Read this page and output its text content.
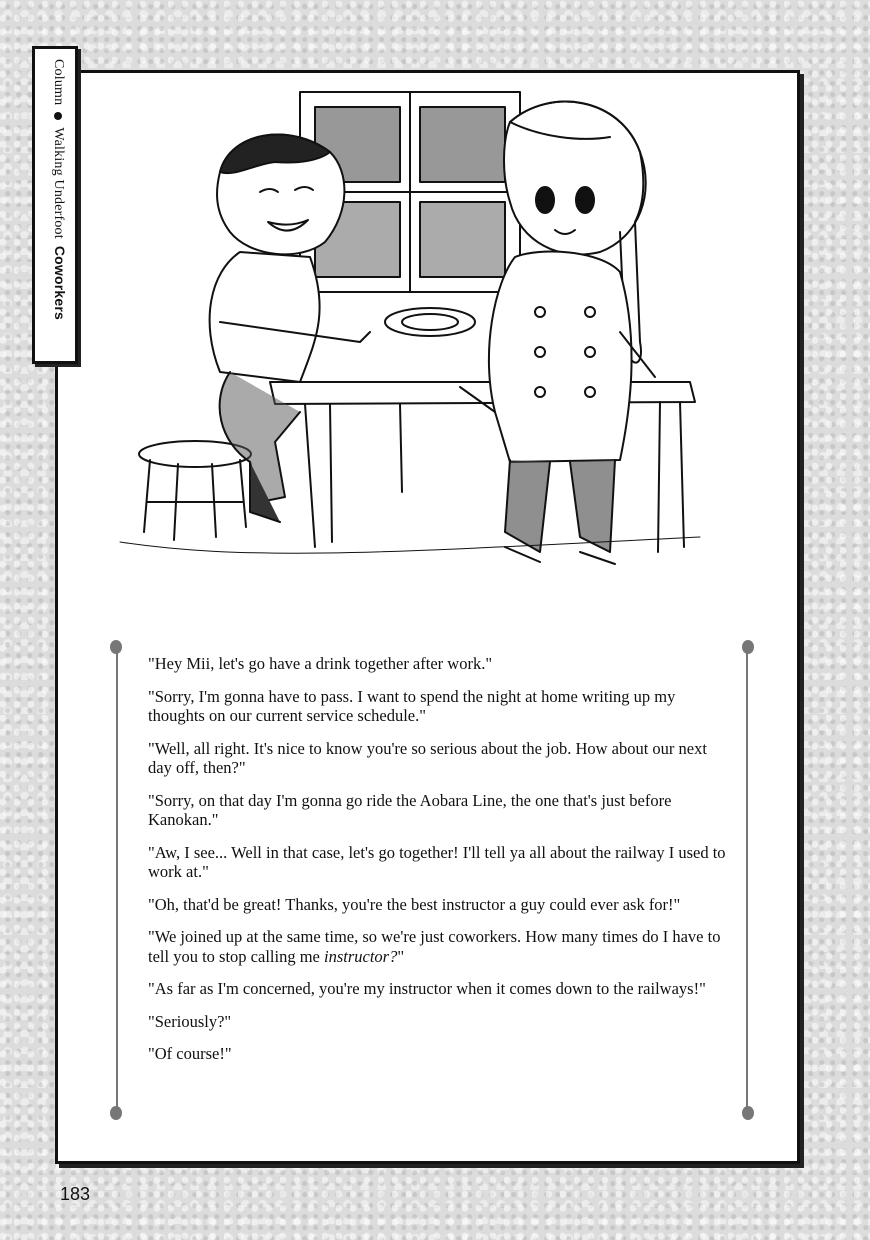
ColumnWalking UnderfootCoworkers

"Hey Mii, let's go have a drink together after work."

"Sorry, I'm gonna have to pass. I want to spend the night at home writing up my thoughts on our current service schedule."

"Well, all right. It's nice to know you're so serious about the job. How about our next day off, then?"

"Sorry, on that day I'm gonna go ride the Aobara Line, the one that's just before Kanokan."

"Aw, I see... Well in that case, let's go together! I'll tell ya all about the railway I used to work at."

"Oh, that'd be great! Thanks, you're the best instructor a guy could ever ask for!"

"We joined up at the same time, so we're just coworkers. How many times do I have to tell you to stop calling me instructor?"

"As far as I'm concerned, you're my instructor when it comes down to the railways!"

"Seriously?"

"Of course!"

183
